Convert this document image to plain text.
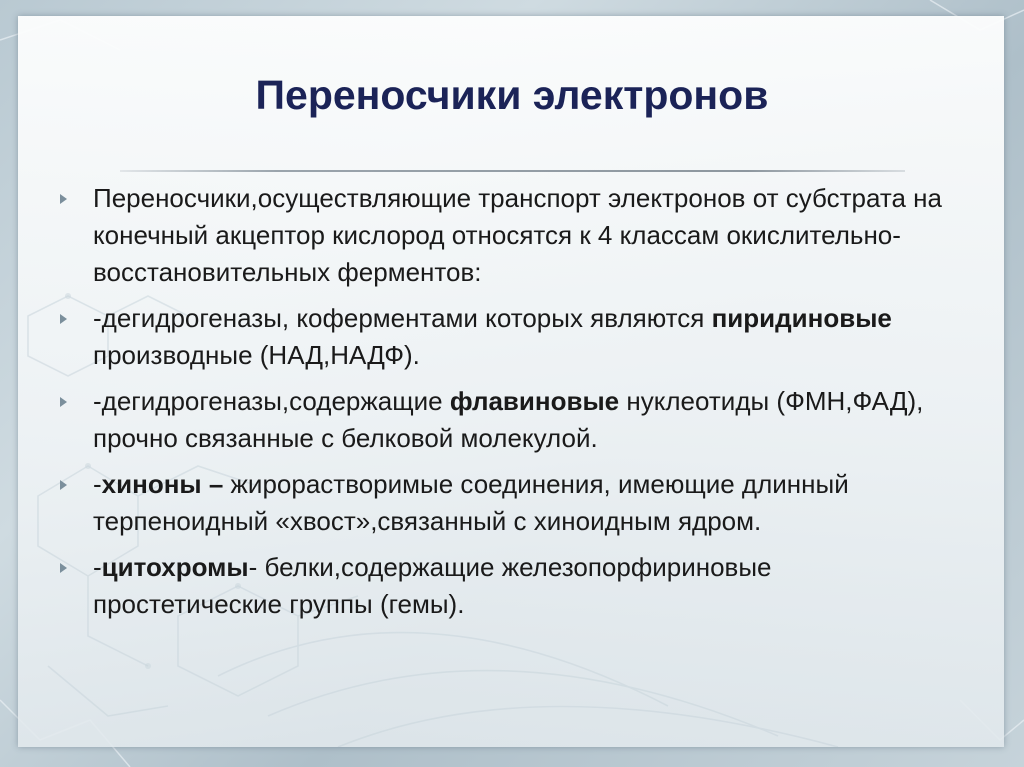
Переносчики электронов
Переносчики,осуществляющие транспорт электронов от субстрата на конечный акцептор кислород относятся к 4 классам окислительно-восстановительных ферментов:
-дегидрогеназы, коферментами которых являются пиридиновые производные (НАД,НАДФ).
-дегидрогеназы,содержащие флавиновые нуклеотиды (ФМН,ФАД), прочно связанные с белковой молекулой.
-хиноны – жирорастворимые соединения, имеющие длинный терпеноидный «хвост»,связанный с хиноидным ядром.
-цитохромы- белки,содержащие железопорфириновые простетические группы (гемы).
